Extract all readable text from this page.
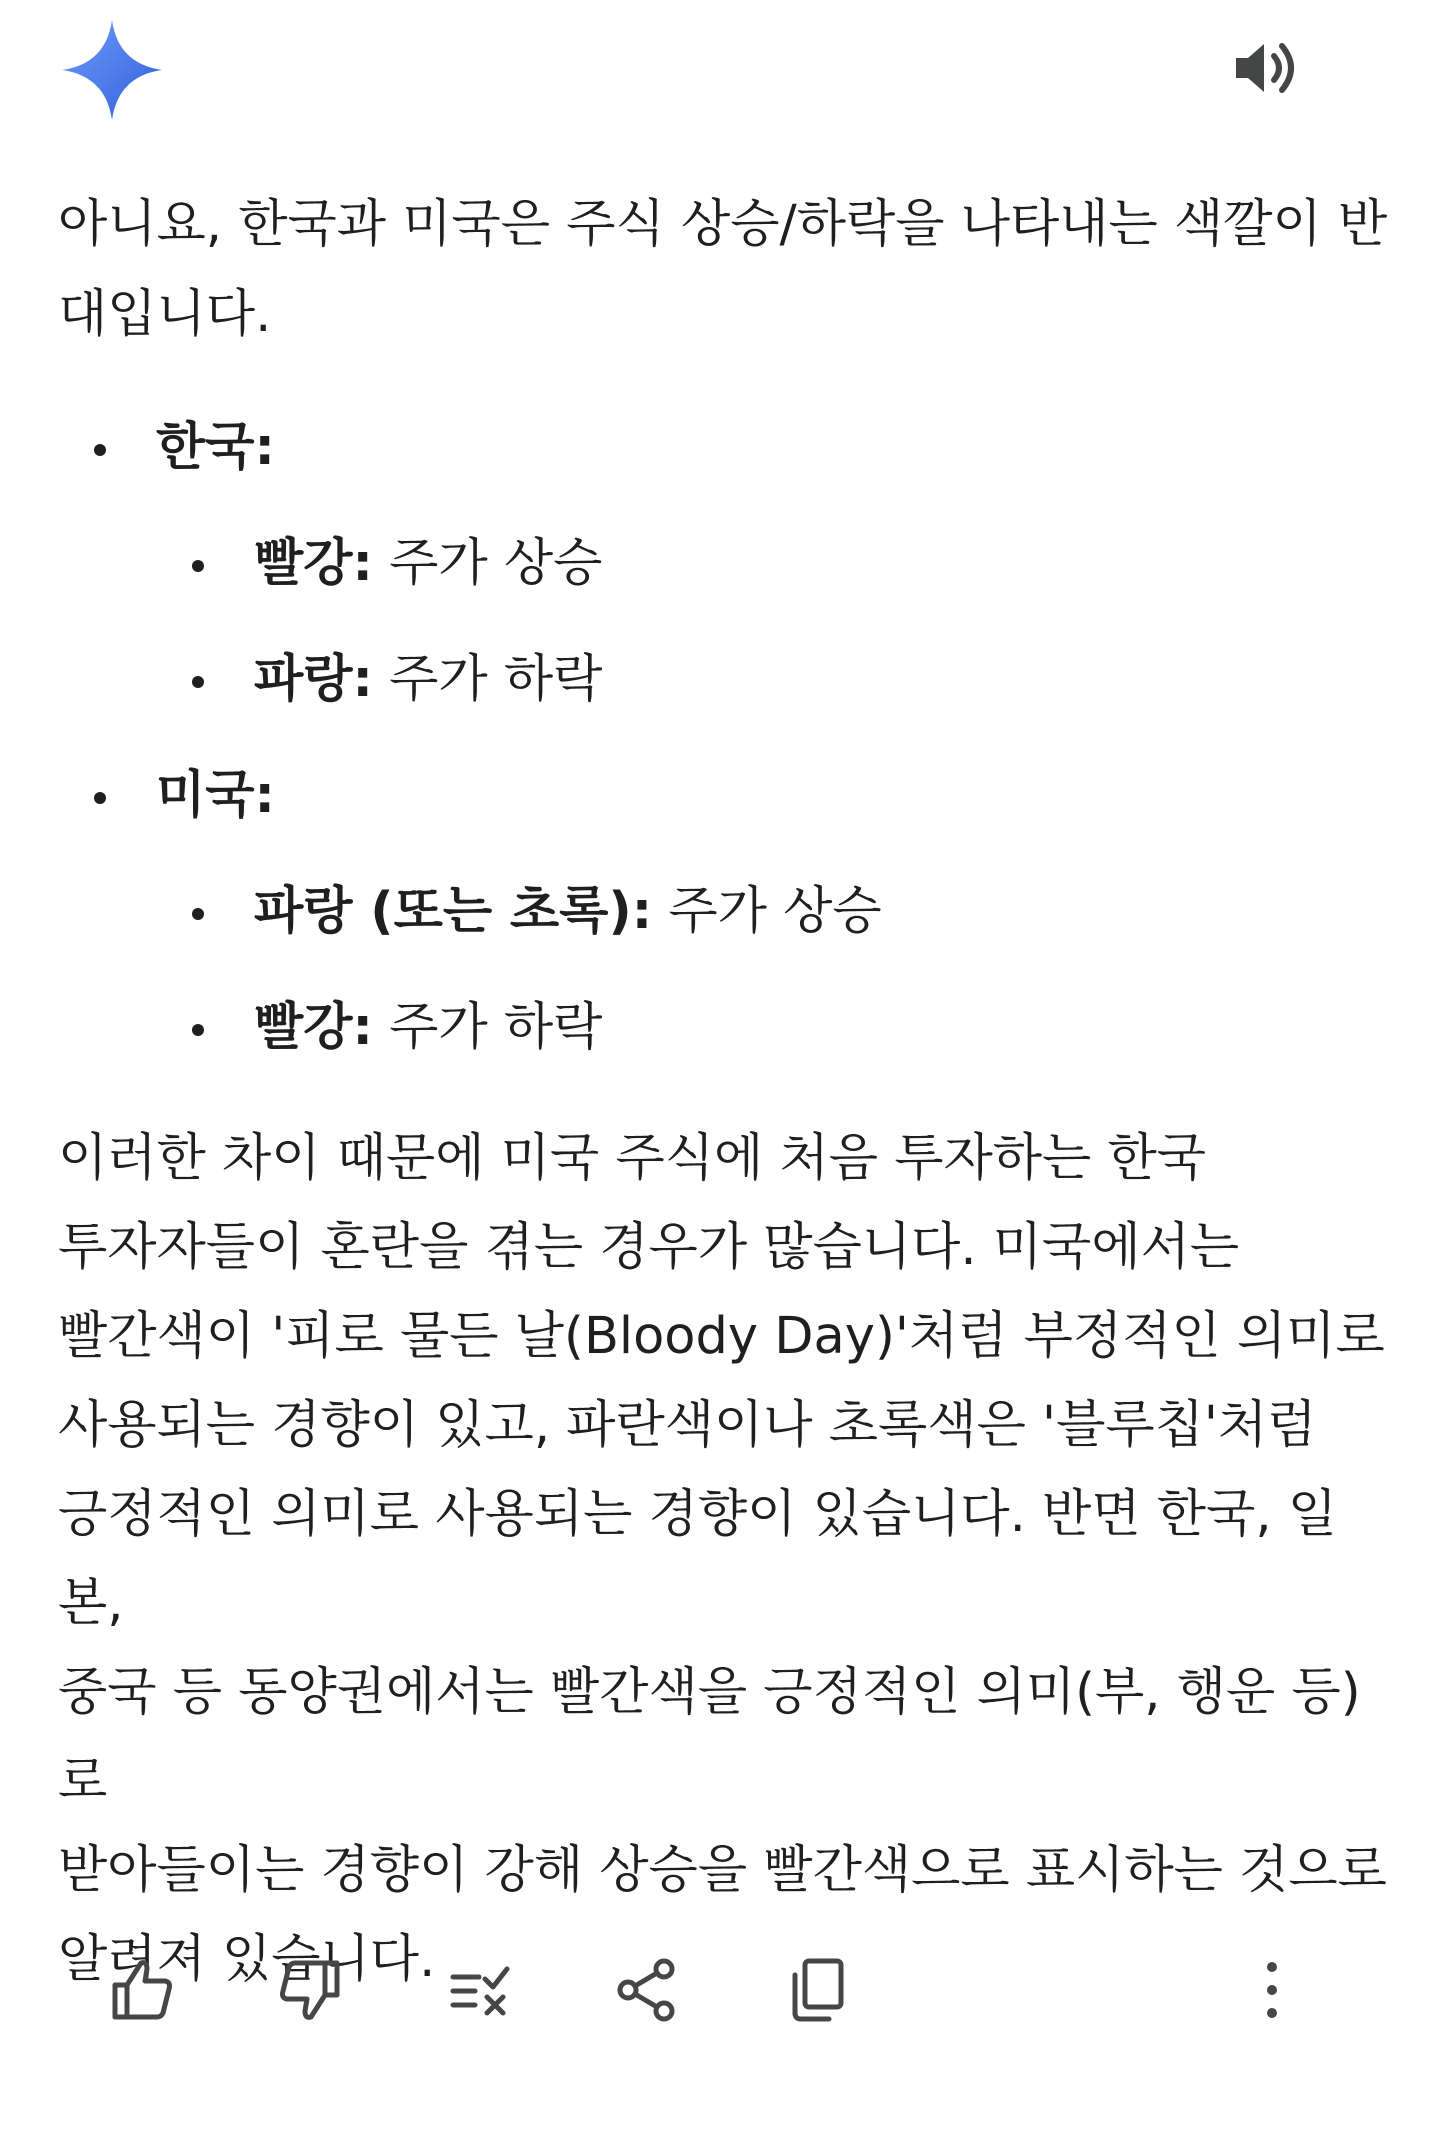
아니요, 한국과 미국은 주식 상승/하락을 나타내는 색깔이 반대입니다.

한국:
빨강: 주가 상승
파랑: 주가 하락
미국:
파랑 (또는 초록): 주가 상승
빨강: 주가 하락
이러한 차이 때문에 미국 주식에 처음 투자하는 한국
투자자들이 혼란을 겪는 경우가 많습니다. 미국에서는
빨간색이 '피로 물든 날(Bloody Day)'처럼 부정적인 의미로
사용되는 경향이 있고, 파란색이나 초록색은 '블루칩'처럼
긍정적인 의미로 사용되는 경향이 있습니다. 반면 한국, 일본,
중국 등 동양권에서는 빨간색을 긍정적인 의미(부, 행운 등)로
받아들이는 경향이 강해 상승을 빨간색으로 표시하는 것으로
알려져 있습니다.
